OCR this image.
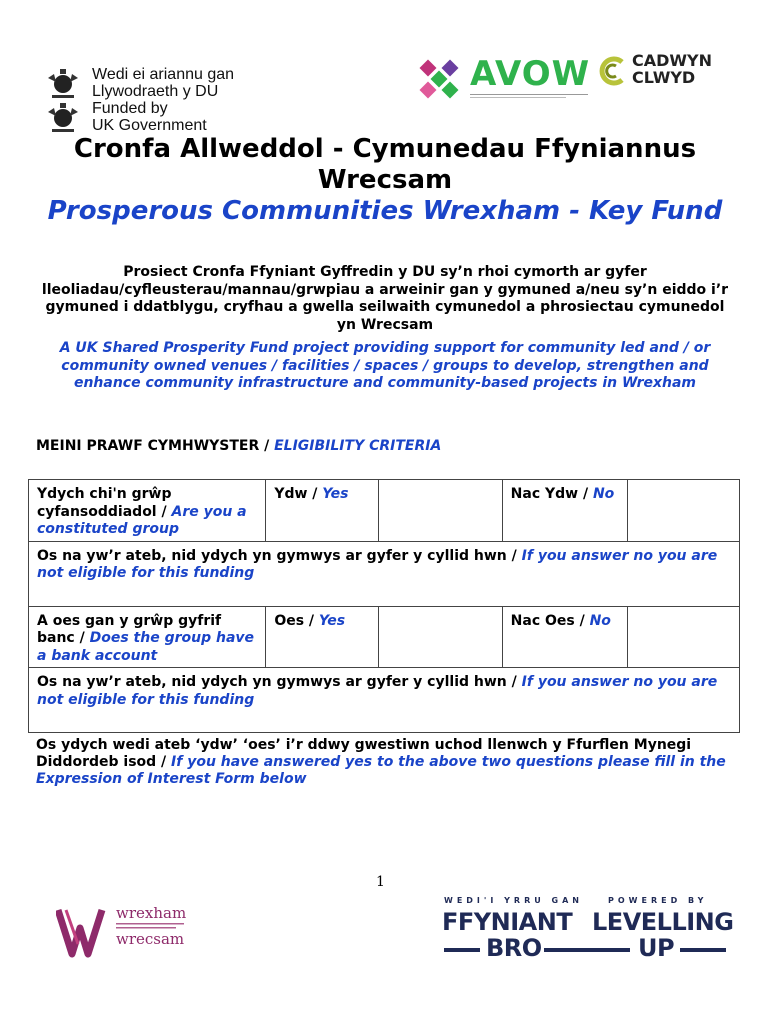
Wedi ei ariannu gan
Llywodraeth y DU
Funded by
UK Government
AVOW	CADWYN
CLWYD
Cronfa Allweddol - Cymunedau Ffyniannus Wrecsam
Prosperous Communities Wrexham - Key Fund
Prosiect Cronfa Ffyniant Gyffredin y DU sy’n rhoi cymorth ar gyfer lleoliadau/cyfleusterau/mannau/grwpiau a arweinir gan y gymuned a/neu sy’n eiddo i’r gymuned i ddatblygu, cryfhau a gwella seilwaith cymunedol a phrosiectau cymunedol yn Wrecsam
A UK Shared Prosperity Fund project providing support for community led and / or community owned venues / facilities / spaces / groups to develop, strengthen and enhance community infrastructure and community-based projects in Wrexham
MEINI PRAWF CYMHWYSTER / ELIGIBILITY CRITERIA
Ydych chi'n grŵp cyfansoddiadol / Are you a constituted group	Ydw / Yes		Nac Ydw / No	
Os na yw’r ateb, nid ydych yn gymwys ar gyfer y cyllid hwn / If you answer no you are not eligible for this funding				
A oes gan y grŵp gyfrif banc / Does the group have a bank account	Oes / Yes		Nac Oes / No	
Os na yw’r ateb, nid ydych yn gymwys ar gyfer y cyllid hwn / If you answer no you are not eligible for this funding				
Os ydych wedi ateb ‘ydw’ ‘oes’ i’r ddwy gwestiwn uchod llenwch y Ffurflen Mynegi Diddordeb isod / If you have answered yes to the above two questions please fill in the Expression of Interest Form below
1
wrexham
wrecsam
WEDI'I YRRU GAN	POWERED BY
FFYNIANT LEVELLING
BRO	UP
